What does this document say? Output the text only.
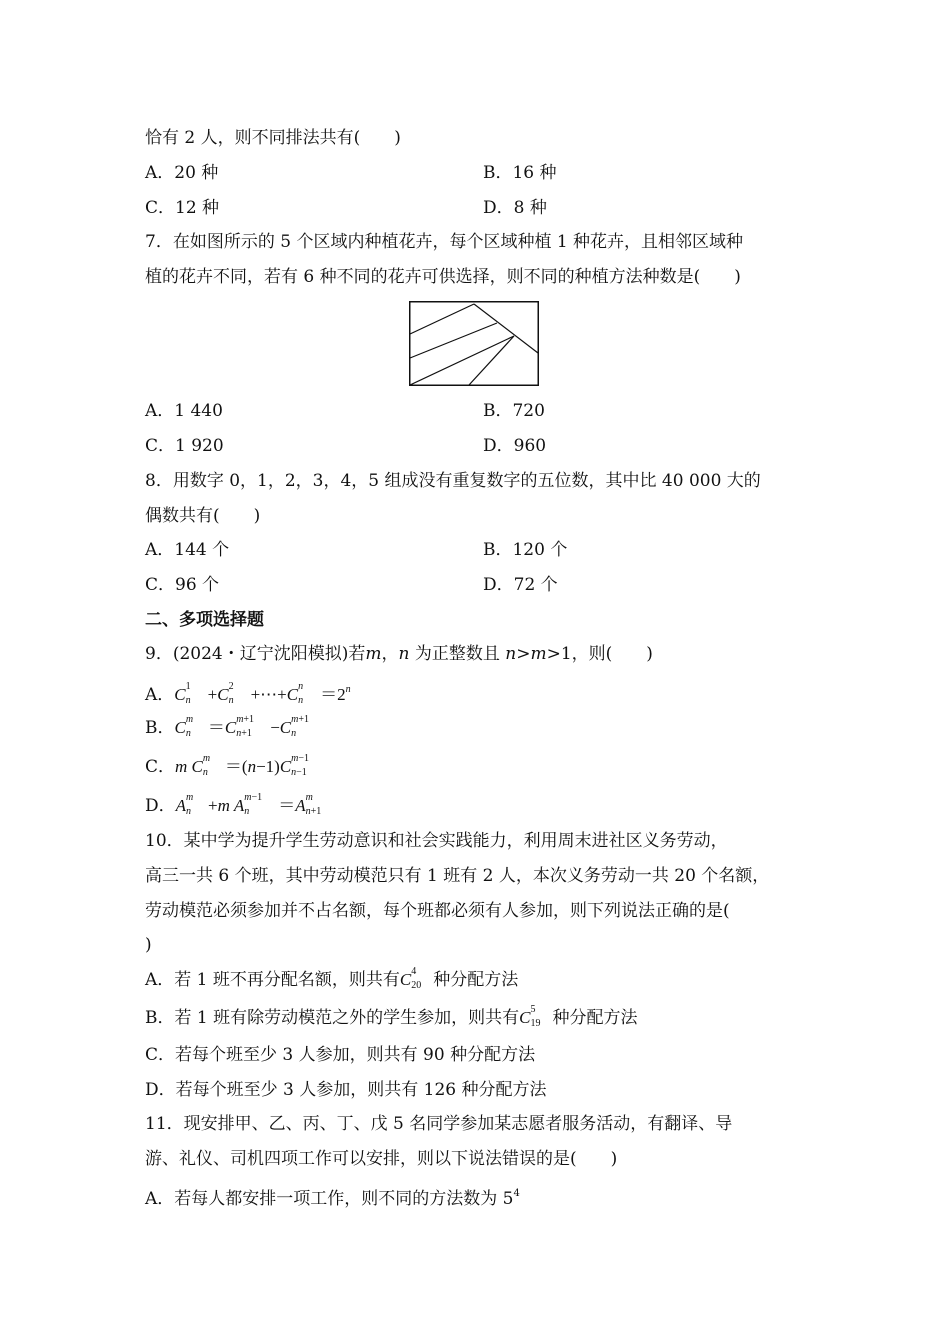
恰有 2 人，则不同排法共有(　　)
A．20 种	B．16 种
C．12 种	D．8 种
7．在如图所示的 5 个区域内种植花卉，每个区域种植 1 种花卉，且相邻区域种
植的花卉不同，若有 6 种不同的花卉可供选择，则不同的种植方法种数是(　　)
A．1 440	B．720
C．1 920	D．960
8．用数字 0，1，2，3，4，5 组成没有重复数字的五位数，其中比 40 000 大的
偶数共有(　　)
A．144 个	B．120 个
C．96 个	D．72 个
二、多项选择题
9．(2024・辽宁沈阳模拟)若m，n 为正整数且 n>m>1，则(　　)
A．C 1
n +C 2
n +⋯+C n
$n =2^n$
B．C m
n ＝C m+1
n+1 −C m+1
n
C．m C m
n ＝(n−1)C m−1
n−1
D．A m
n +m A m−1
n ＝A m
n+1
10．某中学为提升学生劳动意识和社会实践能力，利用周末进社区义务劳动，
高三一共 6 个班，其中劳动模范只有 1 班有 2 人，本次义务劳动一共 20 个名额，
劳动模范必须参加并不占名额，每个班都必须有人参加，则下列说法正确的是(
)
A．若 1 班不再分配名额，则共有C 4
20 种分配方法
B．若 1 班有除劳动模范之外的学生参加，则共有C 5
19 种分配方法
C．若每个班至少 3 人参加，则共有 90 种分配方法
D．若每个班至少 3 人参加，则共有 126 种分配方法
11．现安排甲、乙、丙、丁、戊 5 名同学参加某志愿者服务活动，有翻译、导
游、礼仪、司机四项工作可以安排，则以下说法错误的是(　　)
A．若每人都安排一项工作，则不同的方法数为 $5^4$
